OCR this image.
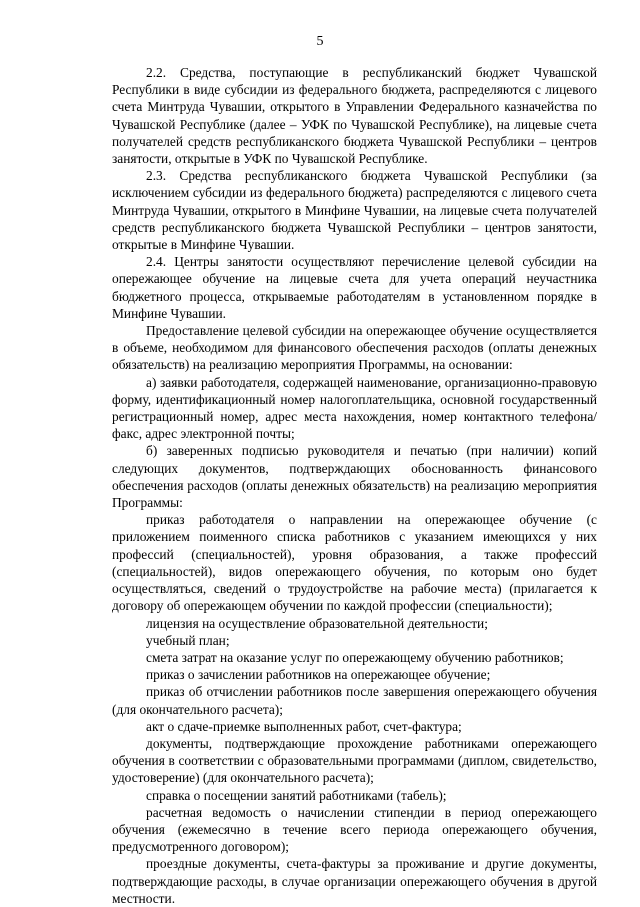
5

2.2. Средства, поступающие в республиканский бюджет Чувашской Республики в виде субсидии из федерального бюджета, распределяются с лицевого счета Минтруда Чувашии, открытого в Управлении Федерального казначейства по Чувашской Республике (далее – УФК по Чувашской Республике), на лицевые счета получателей средств республиканского бюджета Чувашской Республики – центров занятости, открытые в УФК по Чувашской Республике.

2.3. Средства республиканского бюджета Чувашской Республики (за исключением субсидии из федерального бюджета) распределяются с лицевого счета Минтруда Чувашии, открытого в Минфине Чувашии, на лицевые счета получателей средств республиканского бюджета Чувашской Республики – центров занятости, открытые в Минфине Чувашии.

2.4. Центры занятости осуществляют перечисление целевой субсидии на опережающее обучение на лицевые счета для учета операций неучастника бюджетного процесса, открываемые работодателям в установленном порядке в Минфине Чувашии.

Предоставление целевой субсидии на опережающее обучение осуществляется в объеме, необходимом для финансового обеспечения расходов (оплаты денежных обязательств) на реализацию мероприятия Программы, на основании:

а) заявки работодателя, содержащей наименование, организационно-правовую форму, идентификационный номер налогоплательщика, основной государственный регистрационный номер, адрес места нахождения, номер контактного телефона/факс, адрес электронной почты;

б) заверенных подписью руководителя и печатью (при наличии) копий следующих документов, подтверждающих обоснованность финансового обеспечения расходов (оплаты денежных обязательств) на реализацию мероприятия Программы:

приказ работодателя о направлении на опережающее обучение (с приложением поименного списка работников с указанием имеющихся у них профессий (специальностей), уровня образования, а также профессий (специальностей), видов опережающего обучения, по которым оно будет осуществляться, сведений о трудоустройстве на рабочие места) (прилагается к договору об опережающем обучении по каждой профессии (специальности);

лицензия на осуществление образовательной деятельности;

учебный план;

смета затрат на оказание услуг по опережающему обучению работников;

приказ о зачислении работников на опережающее обучение;

приказ об отчислении работников после завершения опережающего обучения (для окончательного расчета);

акт о сдаче-приемке выполненных работ, счет-фактура;

документы, подтверждающие прохождение работниками опережающего обучения в соответствии с образовательными программами (диплом, свидетельство, удостоверение) (для окончательного расчета);

справка о посещении занятий работниками (табель);

расчетная ведомость о начислении стипендии в период опережающего обучения (ежемесячно в течение всего периода опережающего обучения, предусмотренного договором);

проездные документы, счета-фактуры за проживание и другие документы, подтверждающие расходы, в случае организации опережающего обучения в другой местности.
